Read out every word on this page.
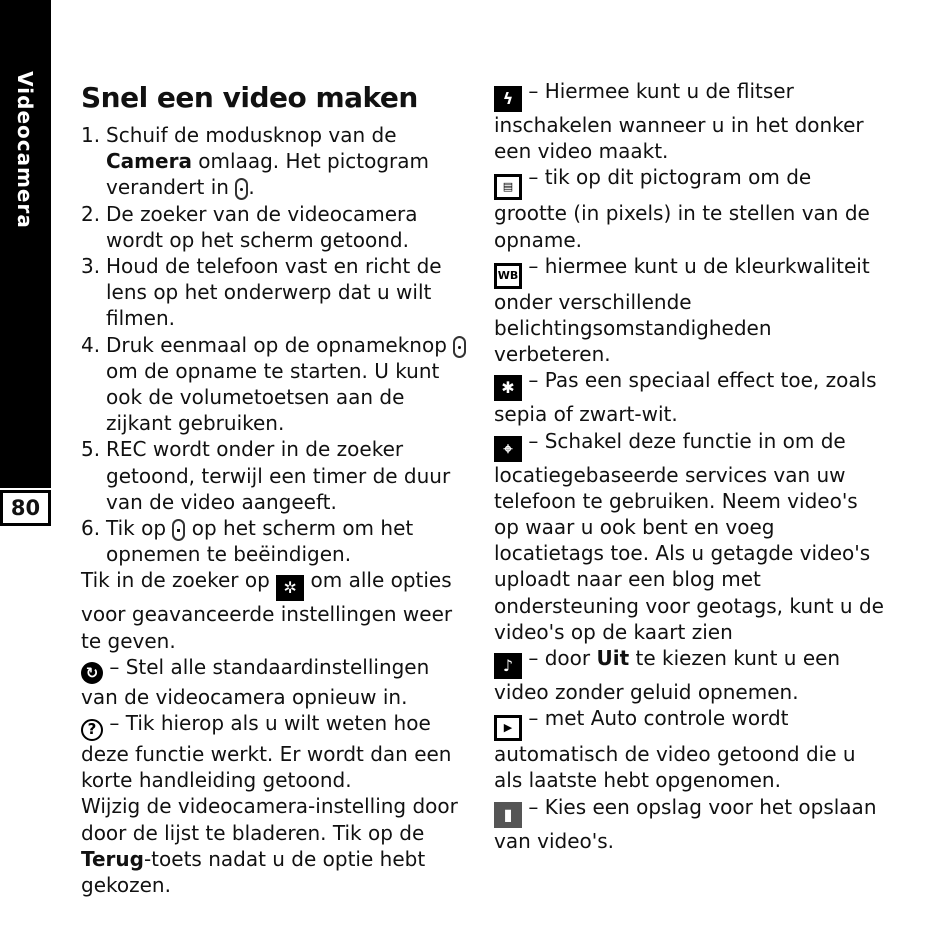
Videocamera
80
Snel een video maken
1. Schuif de modusknop van de Camera omlaag. Het pictogram verandert in .
2. De zoeker van de videocamera wordt op het scherm getoond.
3. Houd de telefoon vast en richt de lens op het onderwerp dat u wilt filmen.
4. Druk eenmaal op de opnameknop  om de opname te starten. U kunt ook de volumetoetsen aan de zijkant gebruiken.
5. REC wordt onder in de zoeker getoond, terwijl een timer de duur van de video aangeeft.
6. Tik op  op het scherm om het opnemen te beëindigen.

Tik in de zoeker op ✲ om alle opties voor geavanceerde instellingen weer te geven.

↻ – Stel alle standaardinstellingen van de videocamera opnieuw in.

? – Tik hierop als u wilt weten hoe deze functie werkt. Er wordt dan een korte handleiding getoond.

Wijzig de videocamera-instelling door door de lijst te bladeren. Tik op de Terug-toets nadat u de optie hebt gekozen.

ϟ – Hiermee kunt u de flitser inschakelen wanneer u in het donker een video maakt.

▤ – tik op dit pictogram om de grootte (in pixels) in te stellen van de opname.

WB – hiermee kunt u de kleurkwaliteit onder verschillende belichtingsomstandigheden verbeteren.

✱ – Pas een speciaal effect toe, zoals sepia of zwart-wit.

⌖ – Schakel deze functie in om de locatiegebaseerde services van uw telefoon te gebruiken. Neem video's op waar u ook bent en voeg locatietags toe. Als u getagde video's uploadt naar een blog met ondersteuning voor geotags, kunt u de video's op de kaart zien

♪ – door Uit te kiezen kunt u een video zonder geluid opnemen.

▶ – met Auto controle wordt automatisch de video getoond die u als laatste hebt opgenomen.

▮ – Kies een opslag voor het opslaan van video's.
